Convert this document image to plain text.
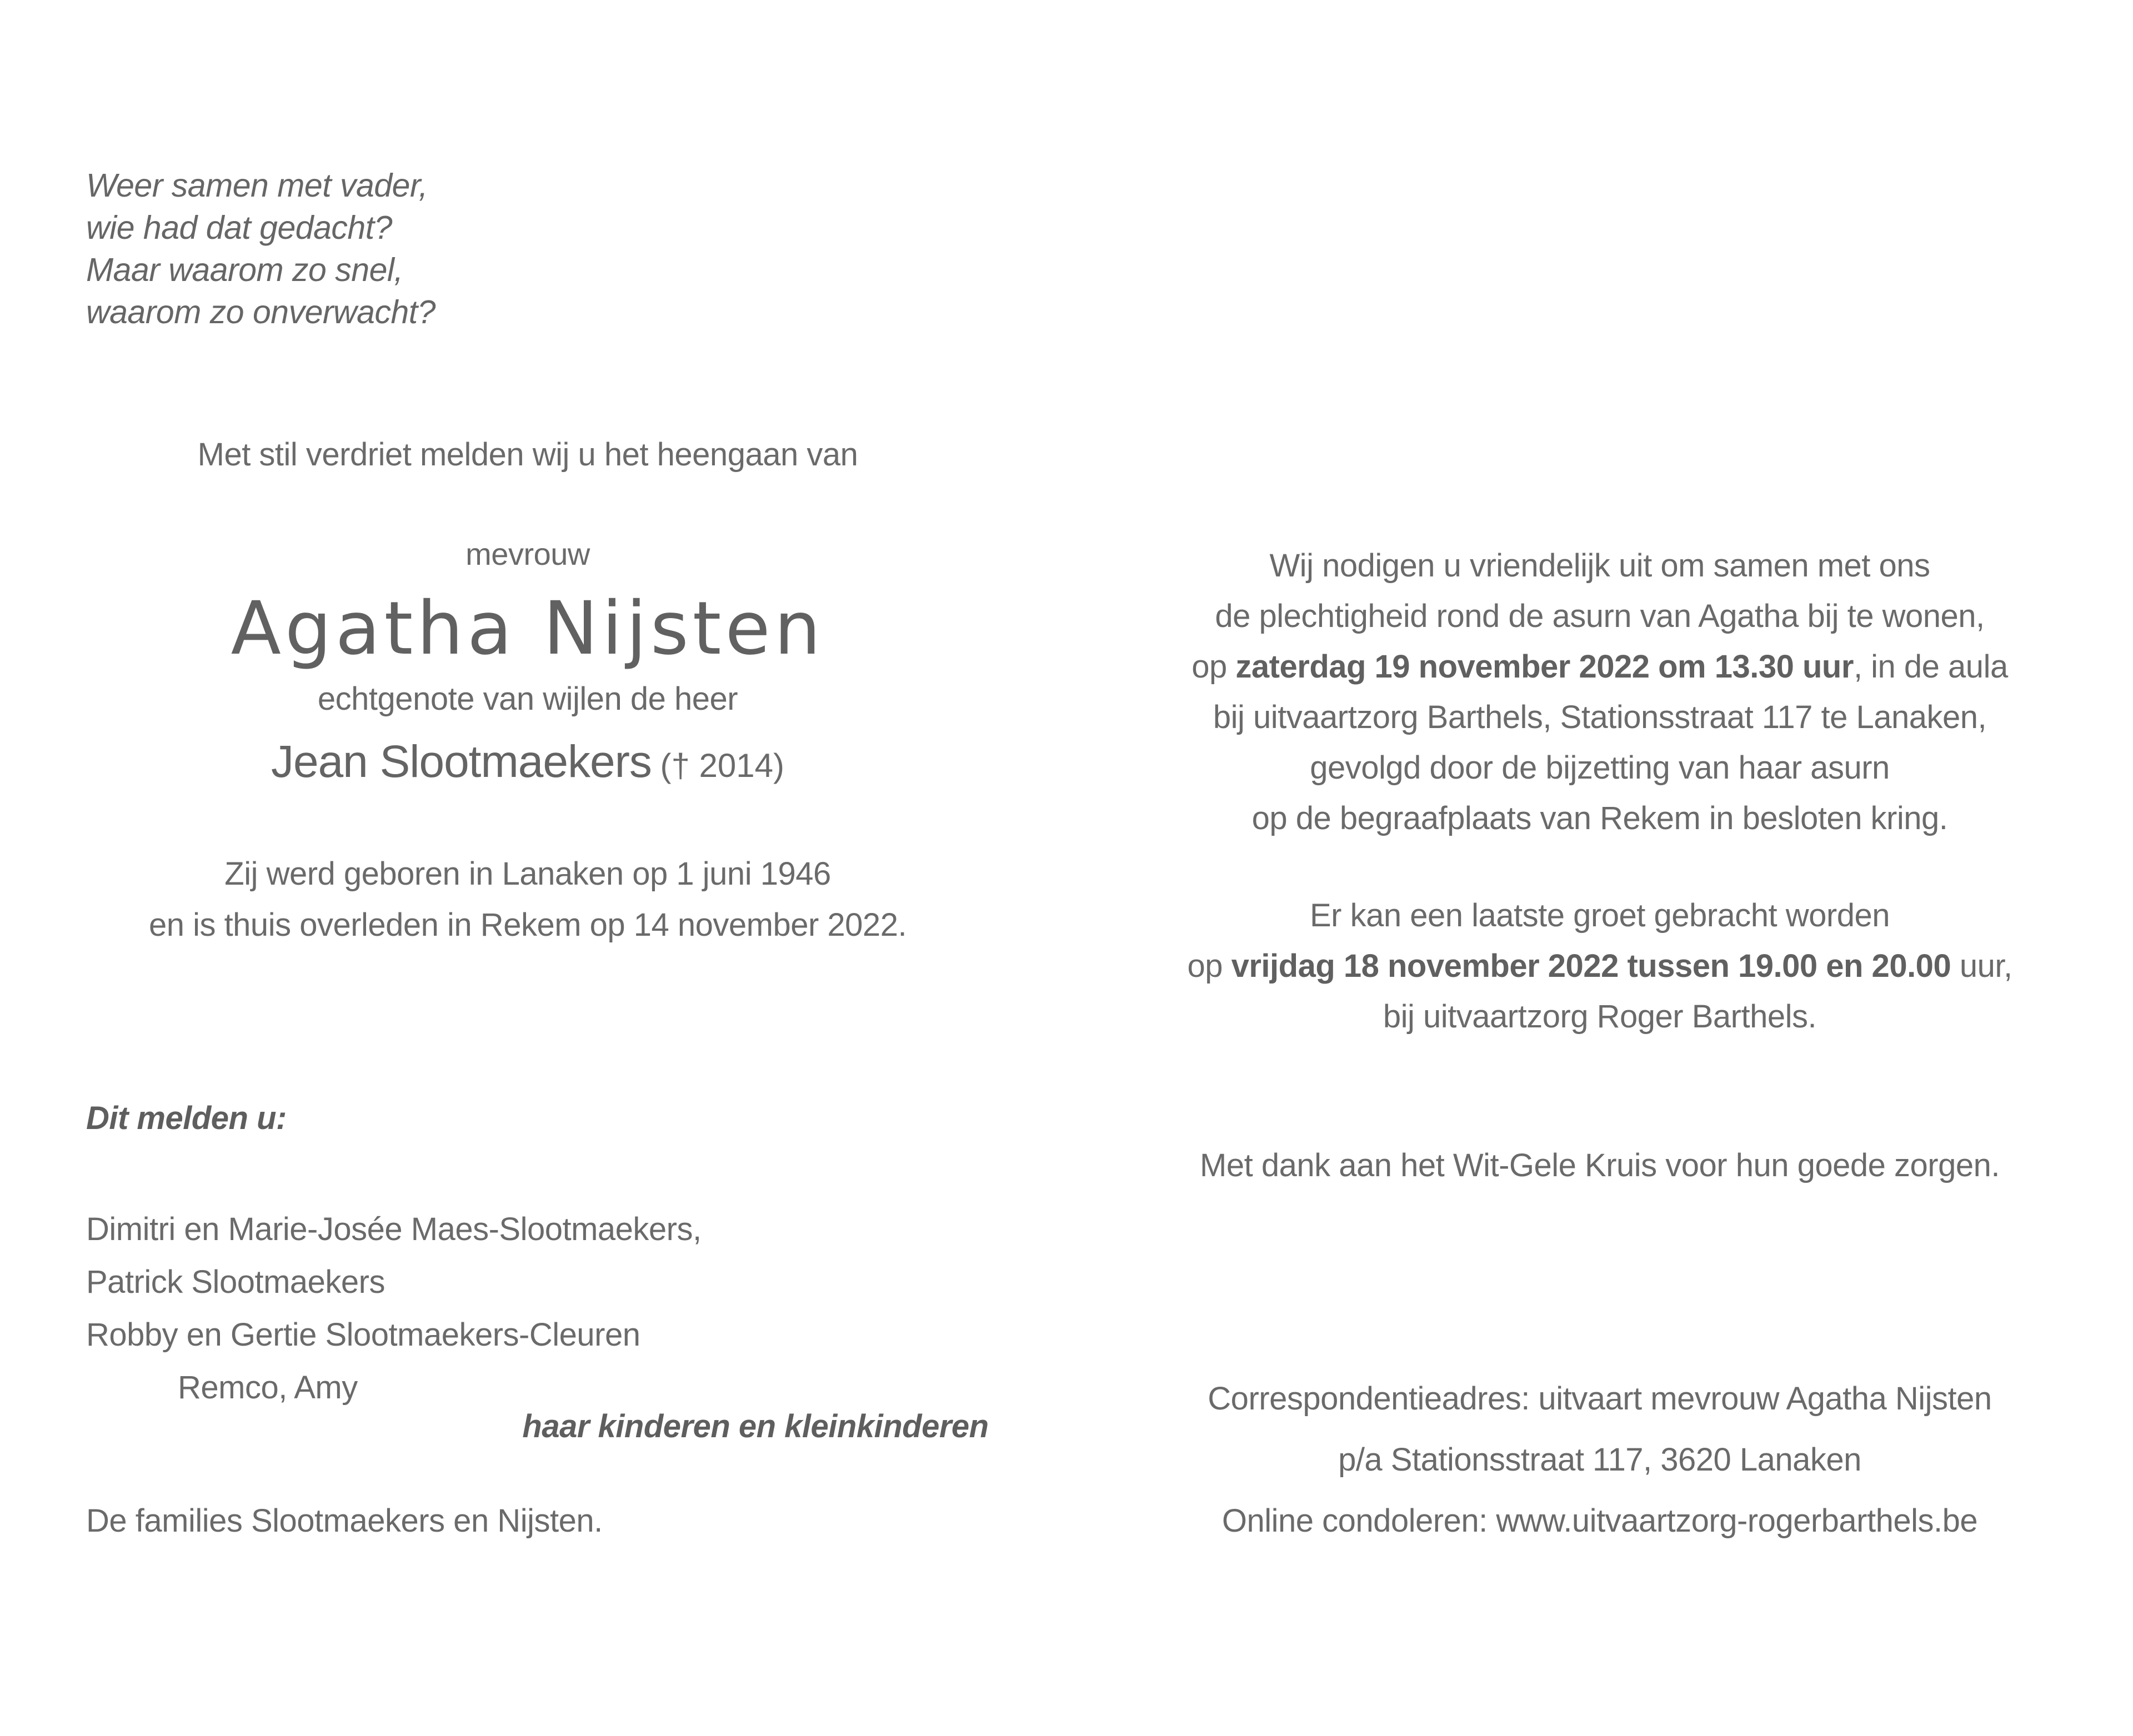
Weer samen met vader,
wie had dat gedacht?
Maar waarom zo snel,
waarom zo onverwacht?
Met stil verdriet melden wij u het heengaan van
mevrouw
Agatha Nijsten
echtgenote van wijlen de heer
Jean Slootmaekers († 2014)
Zij werd geboren in Lanaken op 1 juni 1946
en is thuis overleden in Rekem op 14 november 2022.
Dit melden u:
Dimitri en Marie-Josée Maes-Slootmaekers,
Patrick Slootmaekers
Robby en Gertie Slootmaekers-Cleuren
Remco, Amy
haar kinderen en kleinkinderen
De families Slootmaekers en Nijsten.
Wij nodigen u vriendelijk uit om samen met ons
de plechtigheid rond de asurn van Agatha bij te wonen,
op zaterdag 19 november 2022 om 13.30 uur, in de aula
bij uitvaartzorg Barthels, Stationsstraat 117 te Lanaken,
gevolgd door de bijzetting van haar asurn
op de begraafplaats van Rekem in besloten kring.
Er kan een laatste groet gebracht worden
op vrijdag 18 november 2022 tussen 19.00 en 20.00 uur,
bij uitvaartzorg Roger Barthels.
Met dank aan het Wit-Gele Kruis voor hun goede zorgen.
Correspondentieadres: uitvaart mevrouw Agatha Nijsten
p/a Stationsstraat 117, 3620 Lanaken
Online condoleren: www.uitvaartzorg-rogerbarthels.be
